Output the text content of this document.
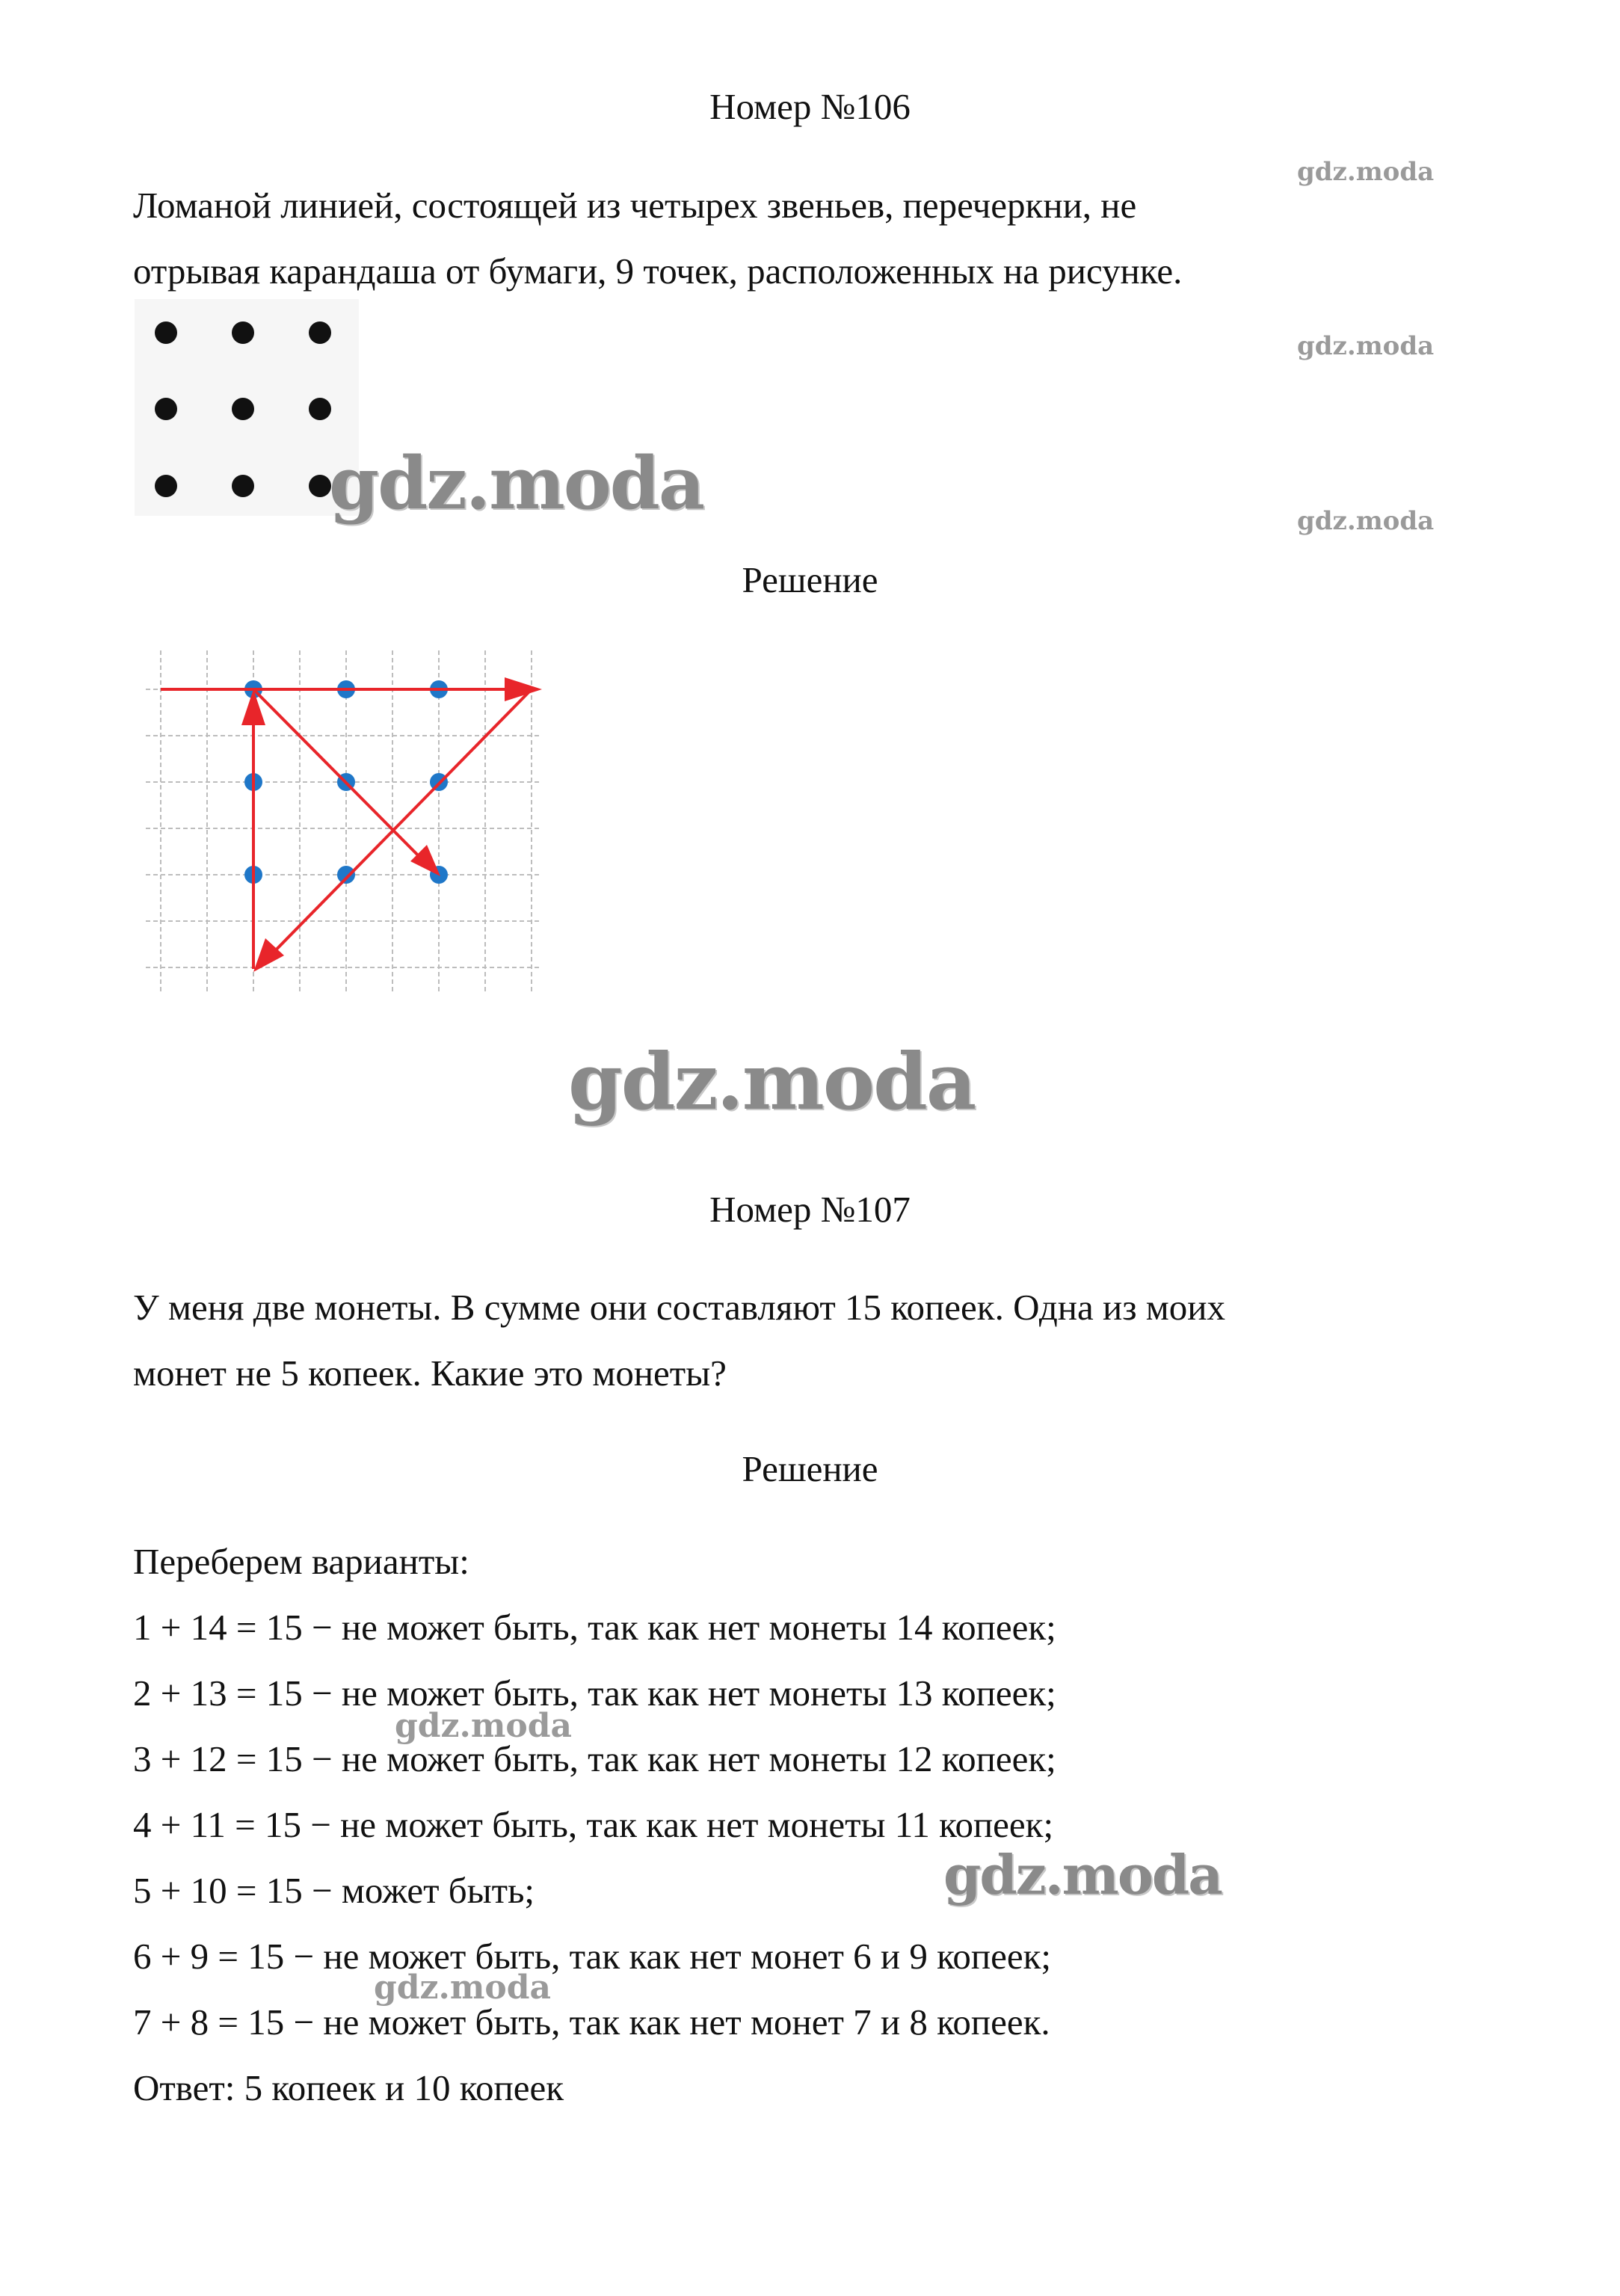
Номер №106
Ломаной линией, состоящей из четырех звеньев, перечеркни, не
отрывая карандаша от бумаги, 9 точек, расположенных на рисунке.
Решение
Номер №107
У меня две монеты. В сумме они составляют 15 копеек. Одна из моих
монет не 5 копеек. Какие это монеты?
Решение
Переберем варианты:
1 + 14 = 15 − не может быть, так как нет монеты 14 копеек;
2 + 13 = 15 − не может быть, так как нет монеты 13 копеек;
3 + 12 = 15 − не может быть, так как нет монеты 12 копеек;
4 + 11 = 15 − не может быть, так как нет монеты 11 копеек;
5 + 10 = 15 − может быть;
6 + 9 = 15 − не может быть, так как нет монет 6 и 9 копеек;
7 + 8 = 15 − не может быть, так как нет монет 7 и 8 копеек.
Ответ: 5 копеек и 10 копеек
gdz.moda
gdz.moda
gdz.moda
gdz.moda
gdz.moda
gdz.moda
gdz.moda
gdz.moda
